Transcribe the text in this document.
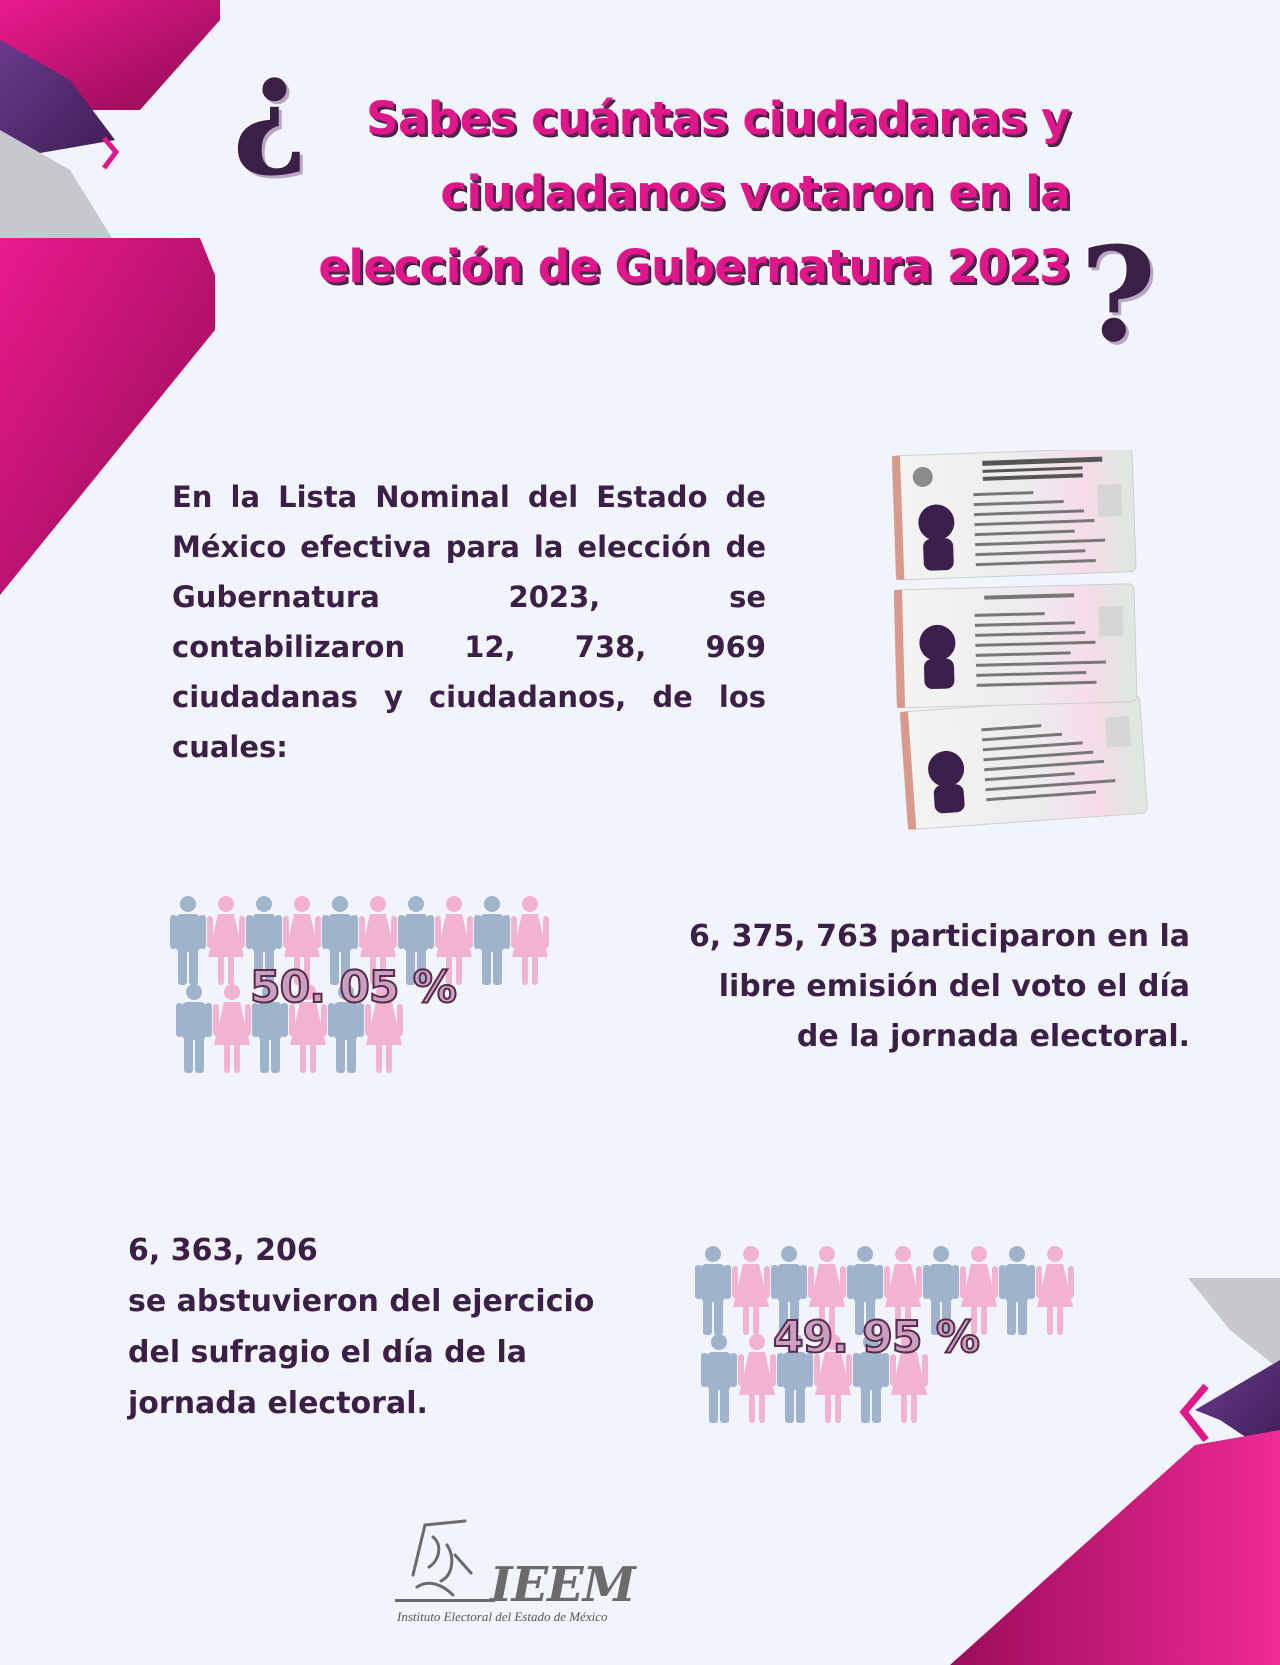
¿	Sabes cuántas ciudadanas y
ciudadanos votaron en la
elección de Gubernatura 2023 ?
En la Lista Nominal del Estado de México efectiva para la elección de Gubernatura 2023, se contabilizaron 12, 738, 969 ciudadanas y ciudadanos, de los cuales:
50. 05 %
6, 375, 763 participaron en la
libre emisión del voto el día
de la jornada electoral.
6, 363, 206
se abstuvieron del ejercicio
del sufragio el día de la
jornada electoral.
49. 95 %
IEEM
Instituto Electoral del Estado de México
